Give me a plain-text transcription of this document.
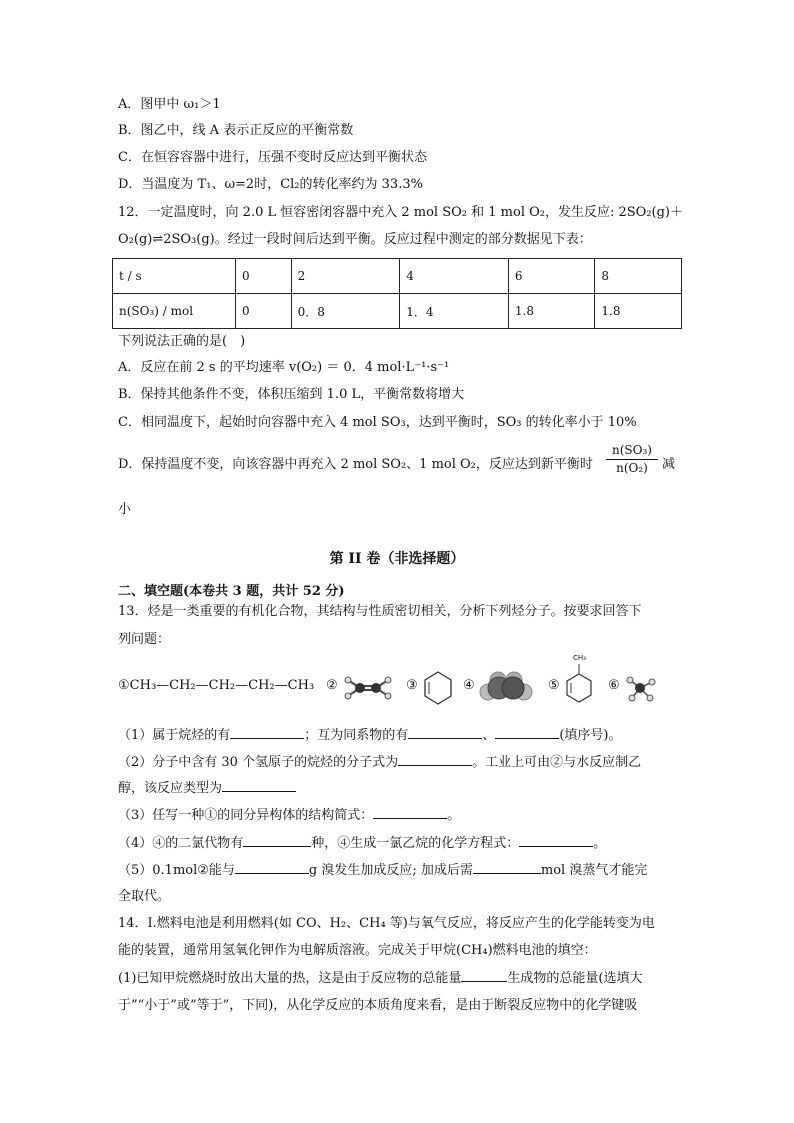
A．图甲中 ω₁＞1
B．图乙中，线 A 表示正反应的平衡常数
C．在恒容容器中进行，压强不变时反应达到平衡状态
D．当温度为 T₁、ω=2时，Cl₂的转化率约为 33.3%
12．一定温度时，向 2.0 L 恒容密闭容器中充入 2 mol SO₂ 和 1 mol O₂，发生反应: 2SO₂(g)＋
O₂(g)⇌2SO₃(g)。经过一段时间后达到平衡。反应过程中测定的部分数据见下表：
t / s	0	2	4	6	8
n(SO₃) / mol	0	0．8	1．4	1.8	1.8
下列说法正确的是(　)
A．反应在前 2 s 的平均速率 v(O₂) ＝ 0．4 mol·L⁻¹·s⁻¹
B．保持其他条件不变，体积压缩到 1.0 L，平衡常数将增大
C．相同温度下，起始时向容器中充入 4 mol SO₃，达到平衡时，SO₃ 的转化率小于 10%
D．保持温度不变，向该容器中再充入 2 mol SO₂、1 mol O₂，反应达到新平衡时 $\frac{\text{n(SO₃)}}{\text{n(O₂)}}$ 减
小
第 II 卷（非选择题）
二、填空题(本卷共 3 题，共计 52 分)
13．烃是一类重要的有机化合物，其结构与性质密切相关，分析下列烃分子。按要求回答下
列问题：
①CH₃—CH₂—CH₂—CH₂—CH₃ ②	③	④	⑤
CH₃
⑥
（1）属于烷烃的有	；互为同系物的有	、	(填序号)。
（2）分子中含有 30 个氢原子的烷烃的分子式为	。工业上可由②与水反应制乙
醇，该反应类型为
（3）任写一种①的同分异构体的结构简式：	。
（4）④的二氯代物有	种，④生成一氯乙烷的化学方程式：	。
（5）0.1mol②能与	g 溴发生加成反应; 加成后需	mol 溴蒸气才能完
全取代。
14．I.燃料电池是利用燃料(如 CO、H₂、CH₄ 等)与氧气反应，将反应产生的化学能转变为电
能的装置，通常用氢氧化钾作为电解质溶液。完成关于甲烷(CH₄)燃料电池的填空：
(1)已知甲烷燃烧时放出大量的热，这是由于反应物的总能量	生成物的总能量(选填大
于”“小于”或“等于”，下同)，从化学反应的本质角度来看，是由于断裂反应物中的化学键吸
